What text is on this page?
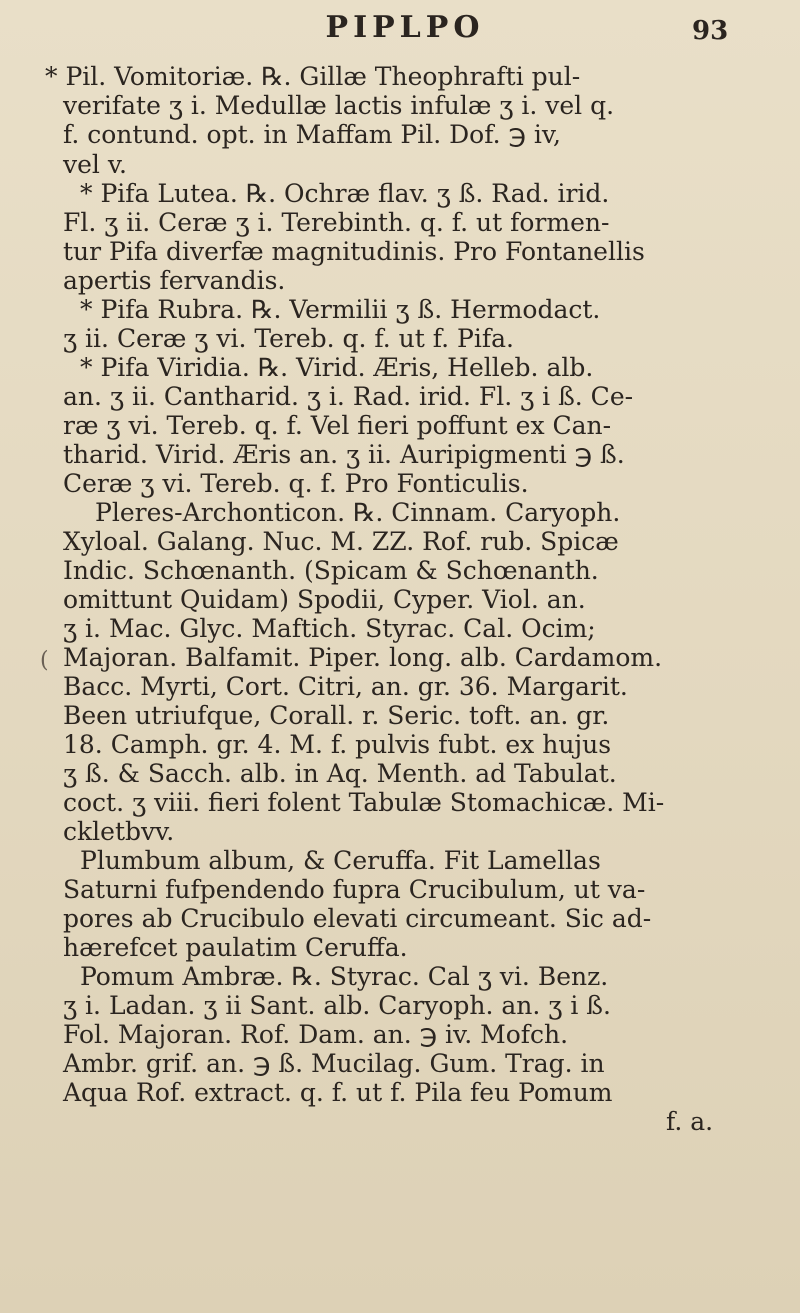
PIPLPO	93
(
* Pil. Vomitoriæ. ℞. Gillæ Theophrafti pul-
verifate ʒ i. Medullæ lactis infulæ ʒ i. vel q.
f. contund. opt. in Maffam Pil. Dof. ℈ iv,
vel v.
* Pifa Lutea. ℞. Ochræ flav. ʒ ß. Rad. irid.
Fl. ʒ ii. Ceræ ʒ i. Terebinth. q. f. ut formen-
tur Pifa diverfæ magnitudinis. Pro Fontanellis
apertis fervandis.
* Pifa Rubra. ℞. Vermilii ʒ ß. Hermodact.
ʒ ii. Ceræ ʒ vi. Tereb. q. f. ut f. Pifa.
* Pifa Viridia. ℞. Virid. Æris, Helleb. alb.
an. ʒ ii. Cantharid. ʒ i. Rad. irid. Fl. ʒ i ß. Ce-
ræ ʒ vi. Tereb. q. f. Vel fieri poffunt ex Can-
tharid. Virid. Æris an. ʒ ii. Auripigmenti ℈ ß.
Ceræ ʒ vi. Tereb. q. f. Pro Fonticulis.
Pleres-Archonticon. ℞. Cinnam. Caryoph.
Xyloal. Galang. Nuc. M. ZZ. Rof. rub. Spicæ
Indic. Schœnanth. (Spicam & Schœnanth.
omittunt Quidam) Spodii, Cyper. Viol. an.
ʒ i. Mac. Glyc. Maftich. Styrac. Cal. Ocim;
Majoran. Balfamit. Piper. long. alb. Cardamom.
Bacc. Myrti, Cort. Citri, an. gr. 36. Margarit.
Been utriufque, Corall. r. Seric. toft. an. gr.
18. Camph. gr. 4. M. f. pulvis fubt. ex hujus
ʒ ß. & Sacch. alb. in Aq. Menth. ad Tabulat.
coct. ʒ viii. fieri folent Tabulæ Stomachicæ. Mi-
ckletbvv.
Plumbum album, & Ceruffa. Fit Lamellas
Saturni fufpendendo fupra Crucibulum, ut va-
pores ab Crucibulo elevati circumeant. Sic ad-
hærefcet paulatim Ceruffa.
Pomum Ambræ. ℞. Styrac. Cal ʒ vi. Benz.
ʒ i. Ladan. ʒ ii Sant. alb. Caryoph. an. ʒ i ß.
Fol. Majoran. Rof. Dam. an. ℈ iv. Mofch.
Ambr. grif. an. ℈ ß. Mucilag. Gum. Trag. in
Aqua Rof. extract. q. f. ut f. Pila feu Pomum
f. a.
